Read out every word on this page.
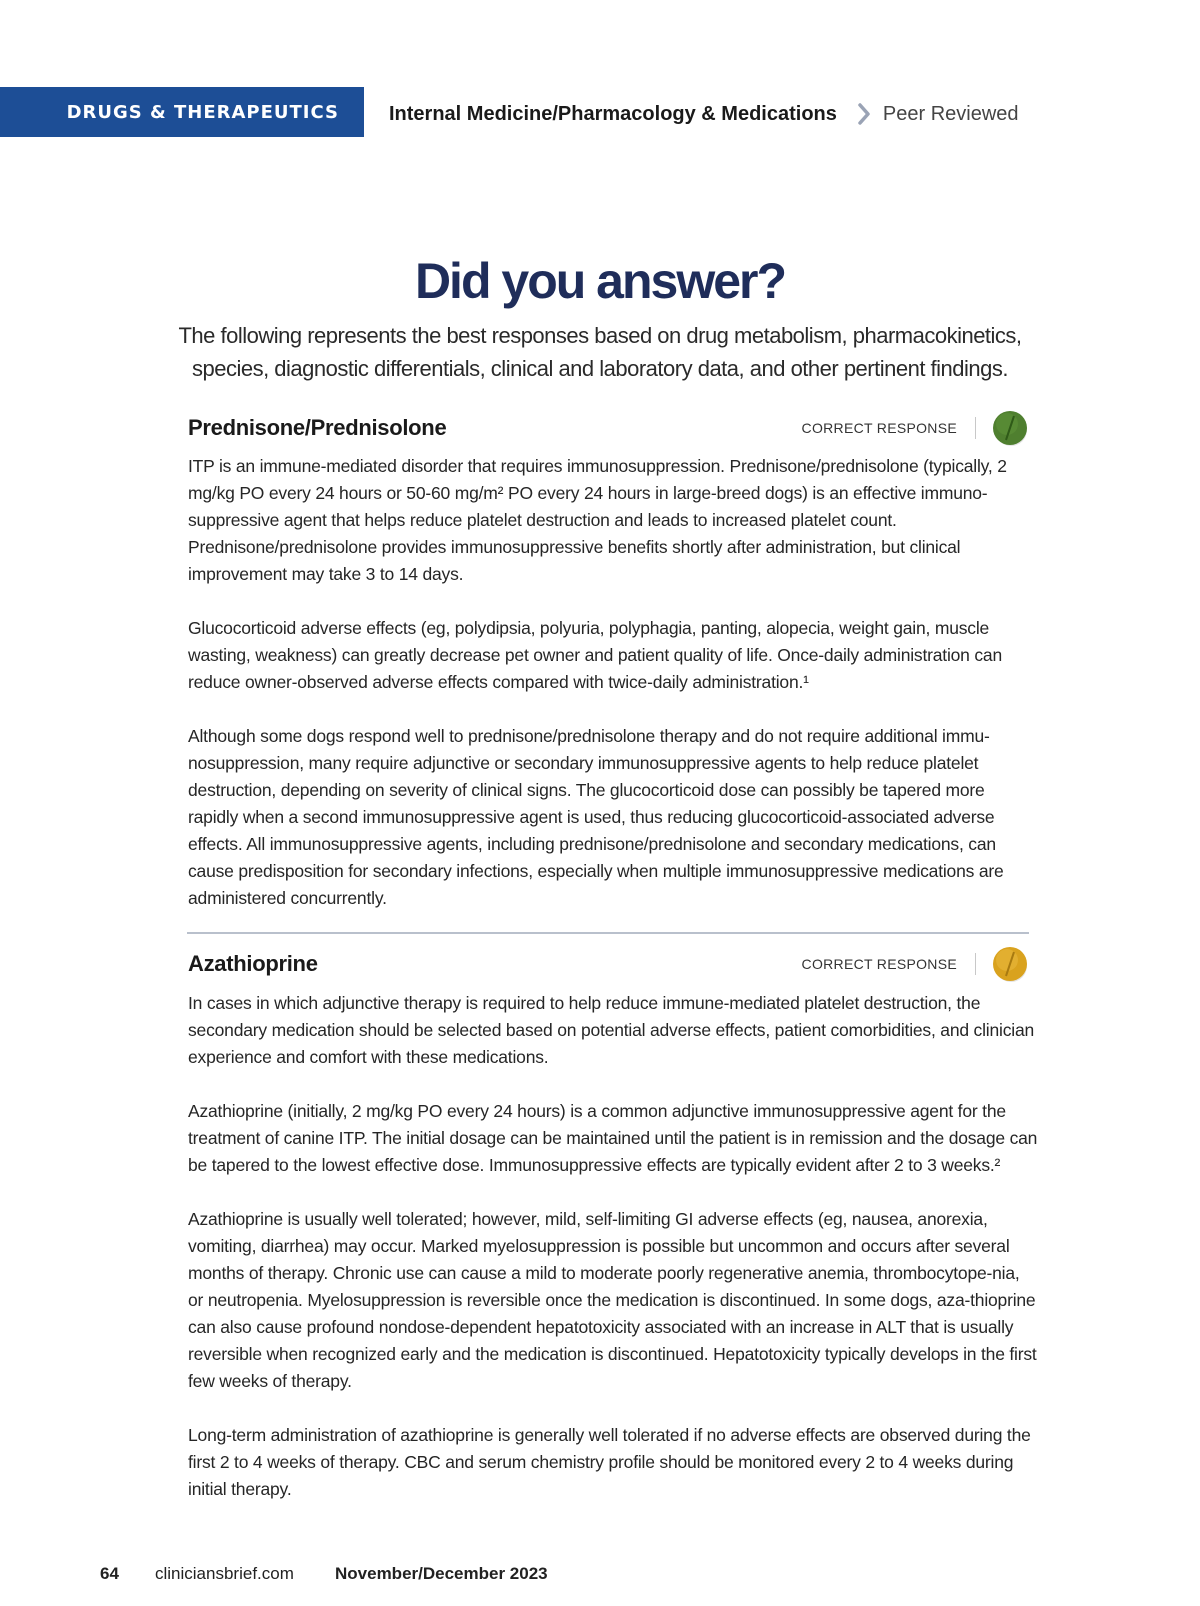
DRUGS & THERAPEUTICS	Internal Medicine/Pharmacology & Medications Peer Reviewed
Did you answer?

The following represents the best responses based on drug metabolism, pharmacokinetics, species, diagnostic differentials, clinical and laboratory data, and other pertinent findings.

Prednisone/Prednisolone	CORRECT RESPONSE

ITP is an immune-mediated disorder that requires immunosuppression. Prednisone/prednisolone (typically, 2 mg/kg PO every 24 hours or 50-60 mg/m² PO every 24 hours in large-breed dogs) is an effective immuno-suppressive agent that helps reduce platelet destruction and leads to increased platelet count. Prednisone/prednisolone provides immunosuppressive benefits shortly after administration, but clinical improvement may take 3 to 14 days.

Glucocorticoid adverse effects (eg, polydipsia, polyuria, polyphagia, panting, alopecia, weight gain, muscle wasting, weakness) can greatly decrease pet owner and patient quality of life. Once-daily administration can reduce owner-observed adverse effects compared with twice-daily administration.¹

Although some dogs respond well to prednisone/prednisolone therapy and do not require additional immu-nosuppression, many require adjunctive or secondary immunosuppressive agents to help reduce platelet destruction, depending on severity of clinical signs. The glucocorticoid dose can possibly be tapered more rapidly when a second immunosuppressive agent is used, thus reducing glucocorticoid-associated adverse effects. All immunosuppressive agents, including prednisone/prednisolone and secondary medications, can cause predisposition for secondary infections, especially when multiple immunosuppressive medications are administered concurrently.

Azathioprine	CORRECT RESPONSE

In cases in which adjunctive therapy is required to help reduce immune-mediated platelet destruction, the secondary medication should be selected based on potential adverse effects, patient comorbidities, and clinician experience and comfort with these medications.

Azathioprine (initially, 2 mg/kg PO every 24 hours) is a common adjunctive immunosuppressive agent for the treatment of canine ITP. The initial dosage can be maintained until the patient is in remission and the dosage can be tapered to the lowest effective dose. Immunosuppressive effects are typically evident after 2 to 3 weeks.²

Azathioprine is usually well tolerated; however, mild, self-limiting GI adverse effects (eg, nausea, anorexia, vomiting, diarrhea) may occur. Marked myelosuppression is possible but uncommon and occurs after several months of therapy. Chronic use can cause a mild to moderate poorly regenerative anemia, thrombocytope-nia, or neutropenia. Myelosuppression is reversible once the medication is discontinued. In some dogs, aza-thioprine can also cause profound nondose-dependent hepatotoxicity associated with an increase in ALT that is usually reversible when recognized early and the medication is discontinued. Hepatotoxicity typically develops in the first few weeks of therapy.

Long-term administration of azathioprine is generally well tolerated if no adverse effects are observed during the first 2 to 4 weeks of therapy. CBC and serum chemistry profile should be monitored every 2 to 4 weeks during initial therapy.

64	cliniciansbrief.com	November/December 2023
